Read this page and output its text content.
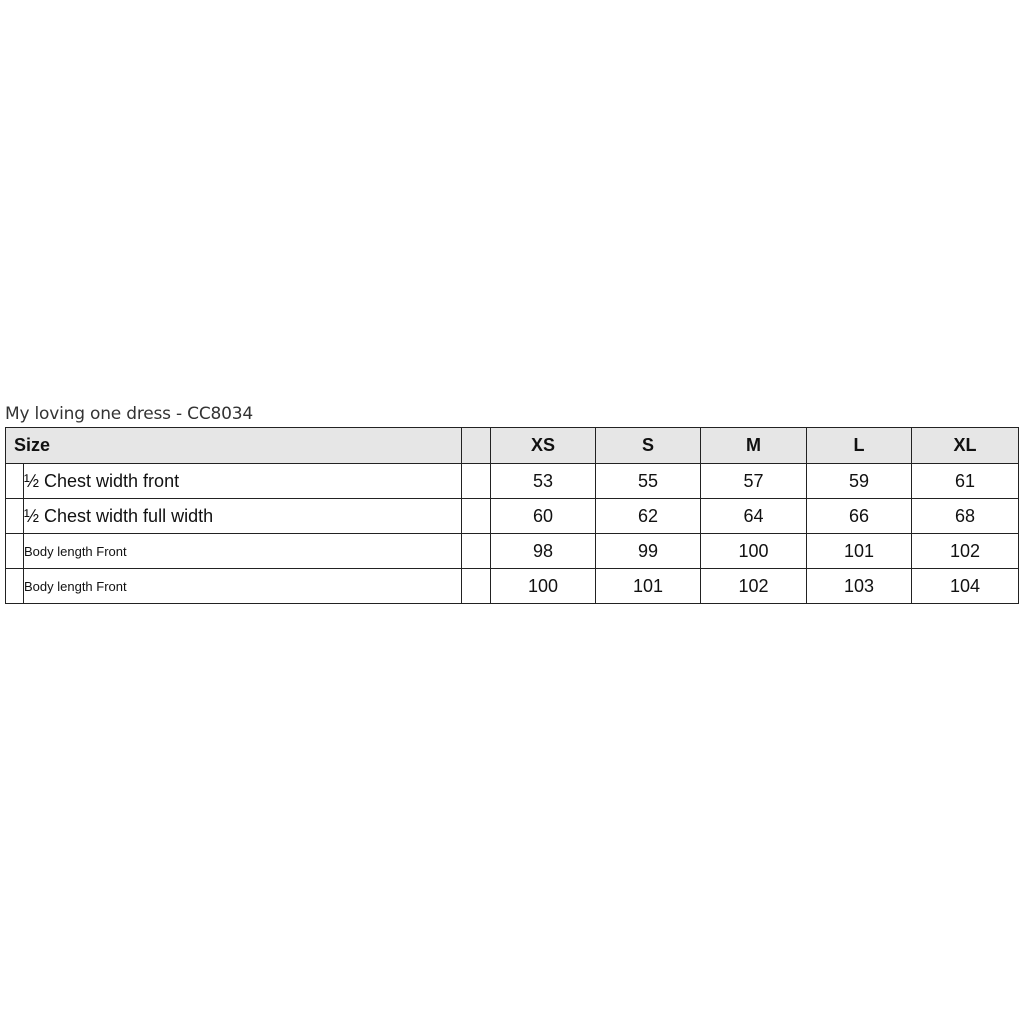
My loving one dress - CC8034
Size			XS	S	M	L	XL
	½ Chest width front		53	55	57	59	61
	½ Chest width full width		60	62	64	66	68
	Body length Front		98	99	100	101	102
	Body length Front		100	101	102	103	104
